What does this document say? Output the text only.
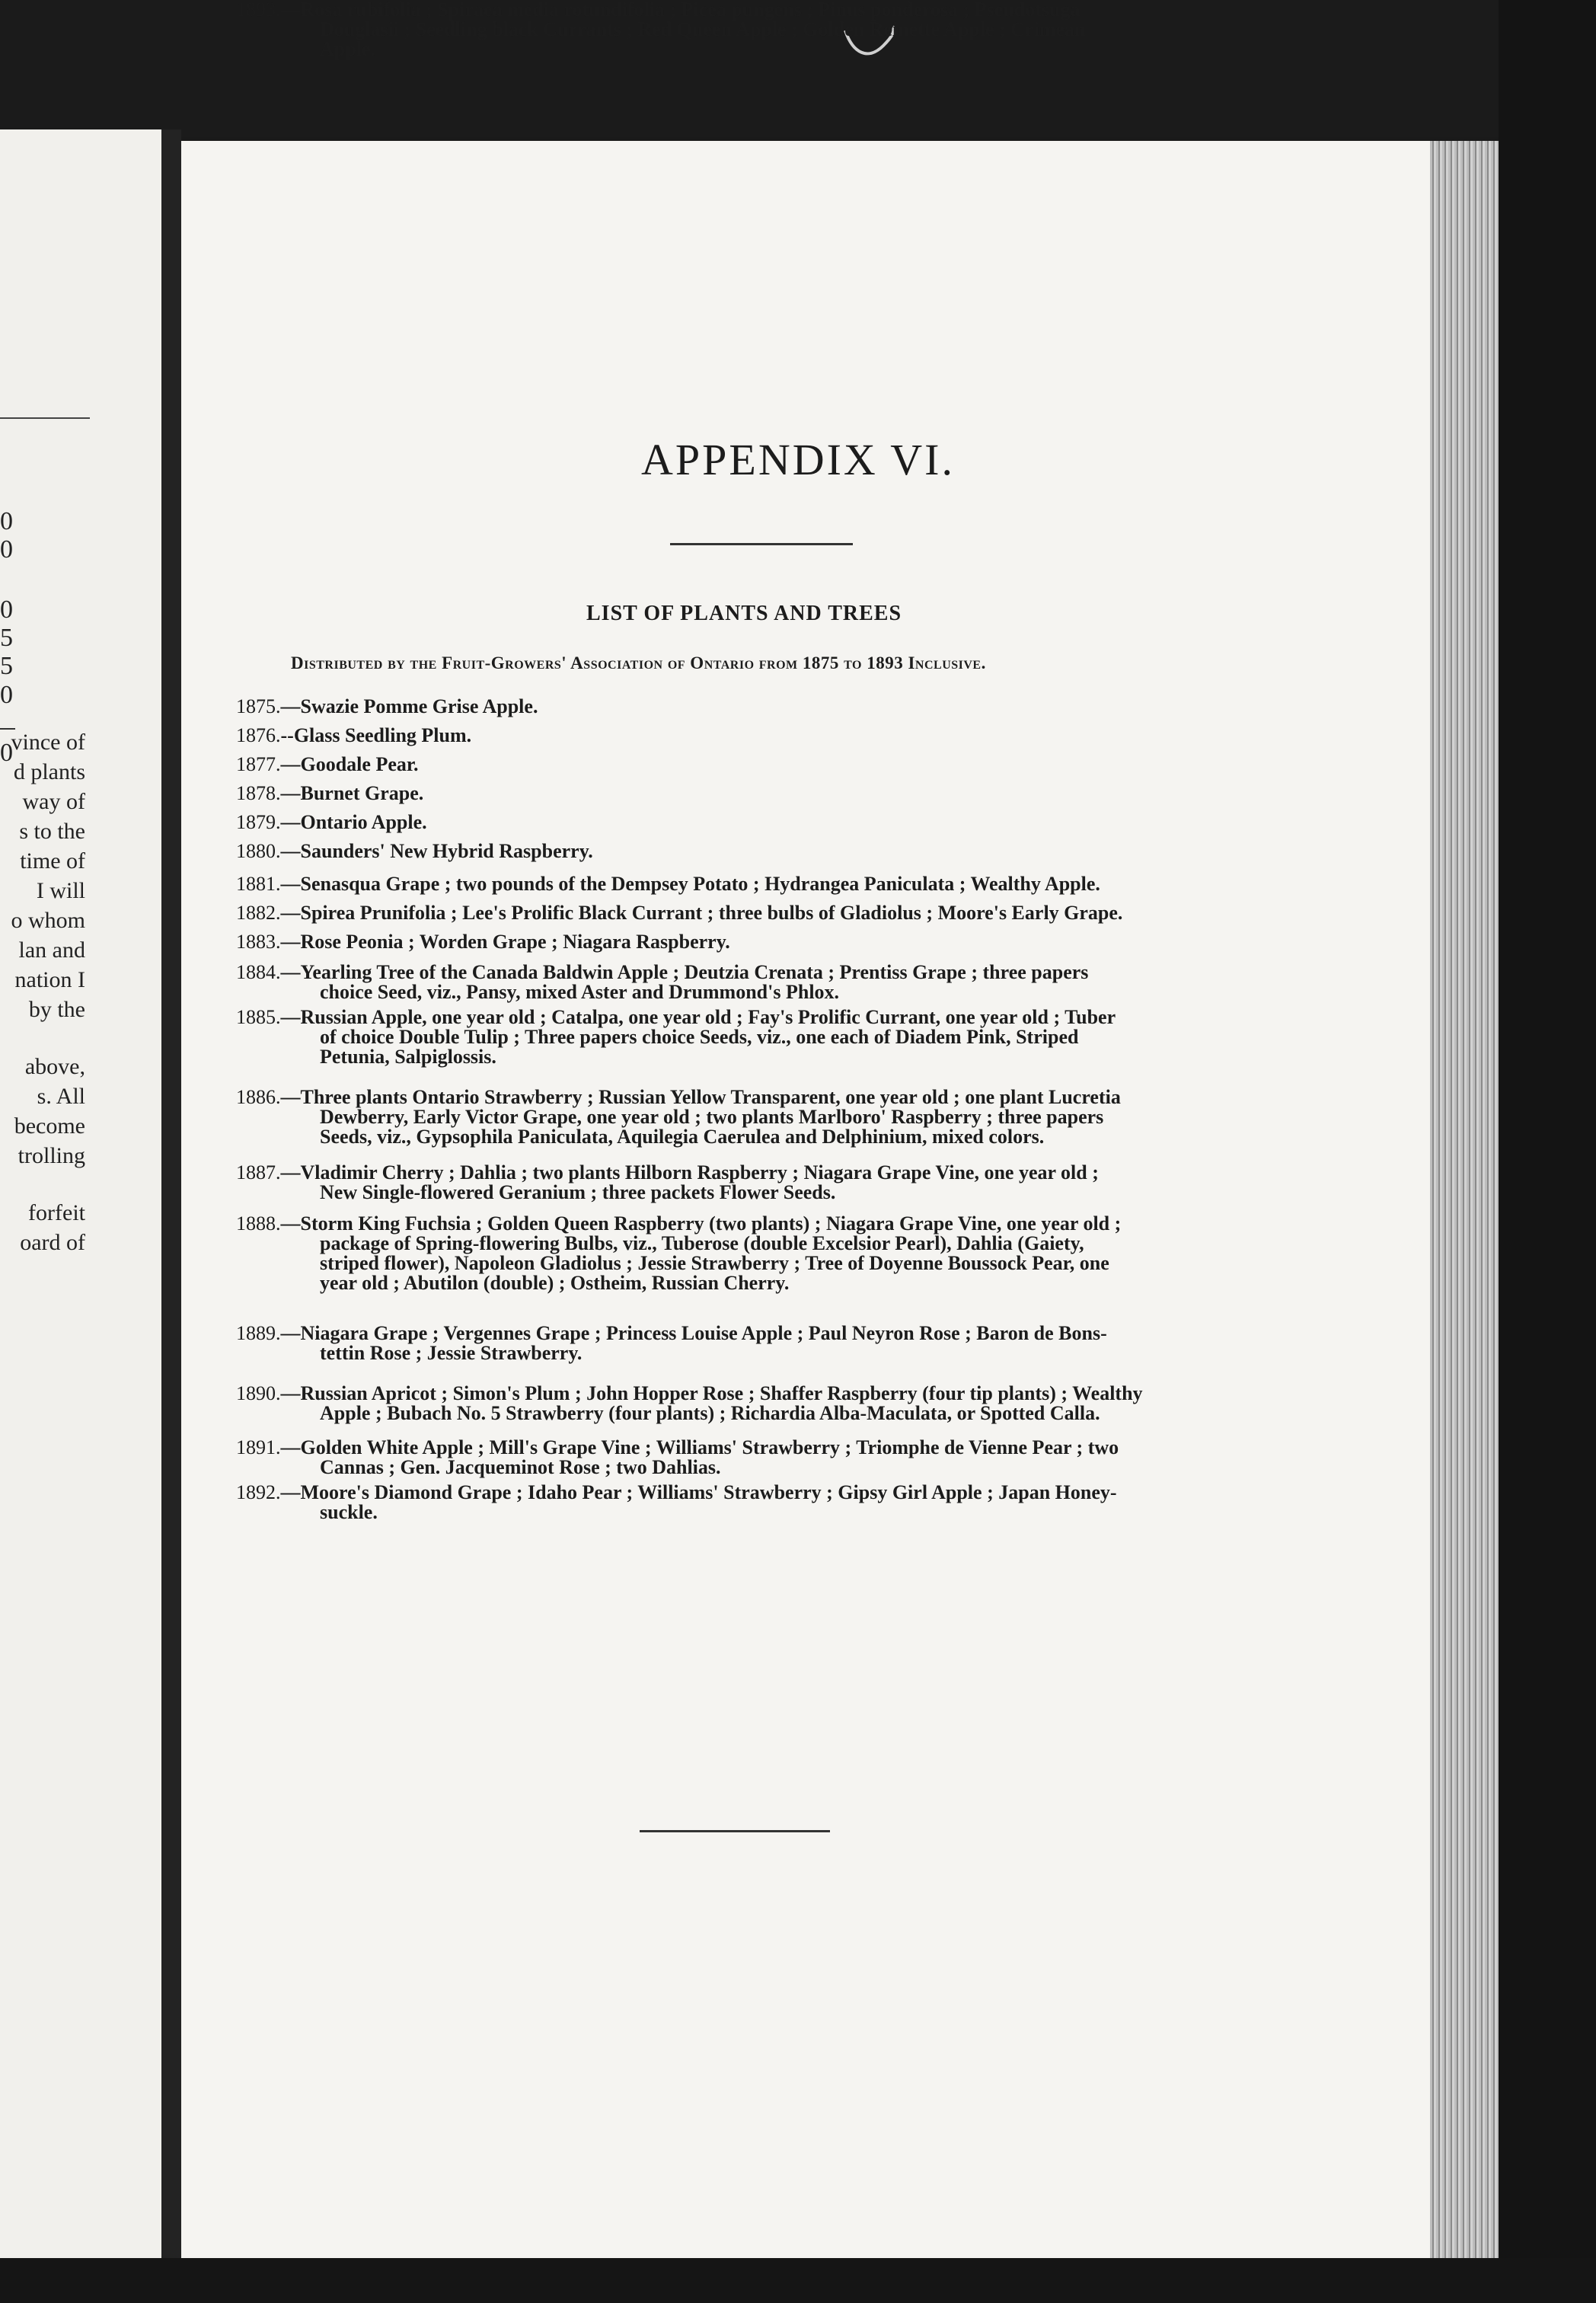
0
0
0
5
5
0
0
vince of
d plants
way of
s to the
time of
I will
o whom
lan and
nation I
by the
above,
s. All
become
trolling
forfeit
oard of
APPENDIX VI.
LIST OF PLANTS AND TREES
Distributed by the Fruit-Growers' Association of Ontario from 1875 to 1893 Inclusive.
1875.—Swazie Pomme Grise Apple.
1876.--Glass Seedling Plum.
1877.—Goodale Pear.
1878.—Burnet Grape.
1879.—Ontario Apple.
1880.—Saunders' New Hybrid Raspberry.
1881.—Senasqua Grape ; two pounds of the Dempsey Potato ; Hydrangea Paniculata ; Wealthy Apple.
1882.—Spirea Prunifolia ; Lee's Prolific Black Currant ; three bulbs of Gladiolus ; Moore's Early Grape.
1883.—Rose Peonia ; Worden Grape ; Niagara Raspberry.
1884.—Yearling Tree of the Canada Baldwin Apple ; Deutzia Crenata ; Prentiss Grape ; three papers
choice Seed, viz., Pansy, mixed Aster and Drummond's Phlox.
1885.—Russian Apple, one year old ; Catalpa, one year old ; Fay's Prolific Currant, one year old ; Tuber
of choice Double Tulip ; Three papers choice Seeds, viz., one each of Diadem Pink, Striped
Petunia, Salpiglossis.
1886.—Three plants Ontario Strawberry ; Russian Yellow Transparent, one year old ; one plant Lucretia
Dewberry, Early Victor Grape, one year old ; two plants Marlboro' Raspberry ; three papers
Seeds, viz., Gypsophila Paniculata, Aquilegia Caerulea and Delphinium, mixed colors.
1887.—Vladimir Cherry ; Dahlia ; two plants Hilborn Raspberry ; Niagara Grape Vine, one year old ;
New Single-flowered Geranium ; three packets Flower Seeds.
1888.—Storm King Fuchsia ; Golden Queen Raspberry (two plants) ; Niagara Grape Vine, one year old ;
package of Spring-flowering Bulbs, viz., Tuberose (double Excelsior Pearl), Dahlia (Gaiety,
striped flower), Napoleon Gladiolus ; Jessie Strawberry ; Tree of Doyenne Boussock Pear, one
year old ; Abutilon (double) ; Ostheim, Russian Cherry.
1889.—Niagara Grape ; Vergennes Grape ; Princess Louise Apple ; Paul Neyron Rose ; Baron de Bons-
tettin Rose ; Jessie Strawberry.
1890.—Russian Apricot ; Simon's Plum ; John Hopper Rose ; Shaffer Raspberry (four tip plants) ; Wealthy
Apple ; Bubach No. 5 Strawberry (four plants) ; Richardia Alba-Maculata, or Spotted Calla.
1891.—Golden White Apple ; Mill's Grape Vine ; Williams' Strawberry ; Triomphe de Vienne Pear ; two
Cannas ; Gen. Jacqueminot Rose ; two Dahlias.
1892.—Moore's Diamond Grape ; Idaho Pear ; Williams' Strawberry ; Gipsy Girl Apple ; Japan Honey-
suckle.
1893.—Rosa rubifolia ; Spiraea media rotundifolia ; Picea pungens ; Pinus ponderosa ; Pseudotsuga
Douglasii ; Seedling black Currants ; Red Queen Apple ; Golden Reinette Apple ; Crimean
Apple.
